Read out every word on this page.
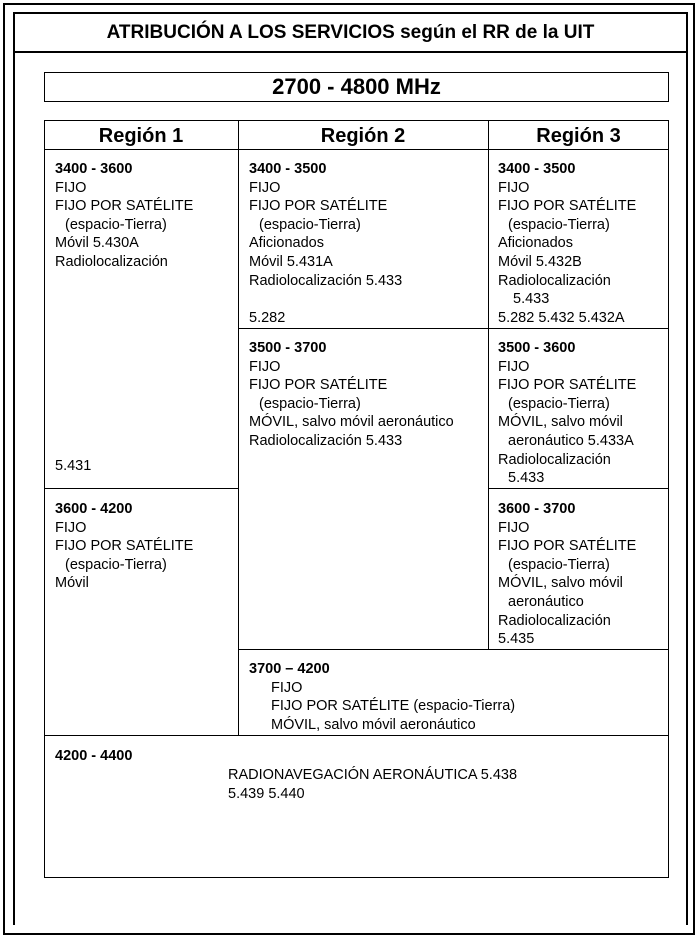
ATRIBUCIÓN A LOS SERVICIOS según el RR de la UIT
2700 - 4800 MHz
Región 1	Región 2	Región 3
3400 - 3600
FIJO
FIJO POR SATÉLITE
(espacio-Tierra)
Móvil 5.430A
Radiolocalización
5.431
3600 - 4200
FIJO
FIJO POR SATÉLITE
(espacio-Tierra)
Móvil
3400 - 3500
FIJO
FIJO POR SATÉLITE
(espacio-Tierra)
Aficionados
Móvil 5.431A
Radiolocalización 5.433
5.282
3500 - 3700
FIJO
FIJO POR SATÉLITE
(espacio-Tierra)
MÓVIL, salvo móvil aeronáutico
Radiolocalización 5.433
3400 - 3500
FIJO
FIJO POR SATÉLITE
(espacio-Tierra)
Aficionados
Móvil 5.432B
Radiolocalización
5.433
5.282 5.432 5.432A
3500 - 3600
FIJO
FIJO POR SATÉLITE
(espacio-Tierra)
MÓVIL, salvo móvil
aeronáutico 5.433A
Radiolocalización
5.433
3600 - 3700
FIJO
FIJO POR SATÉLITE
(espacio-Tierra)
MÓVIL, salvo móvil
aeronáutico
Radiolocalización
5.435
3700 – 4200
FIJO
FIJO POR SATÉLITE (espacio-Tierra)
MÓVIL, salvo móvil aeronáutico
4200 - 4400
RADIONAVEGACIÓN AERONÁUTICA 5.438
5.439 5.440
